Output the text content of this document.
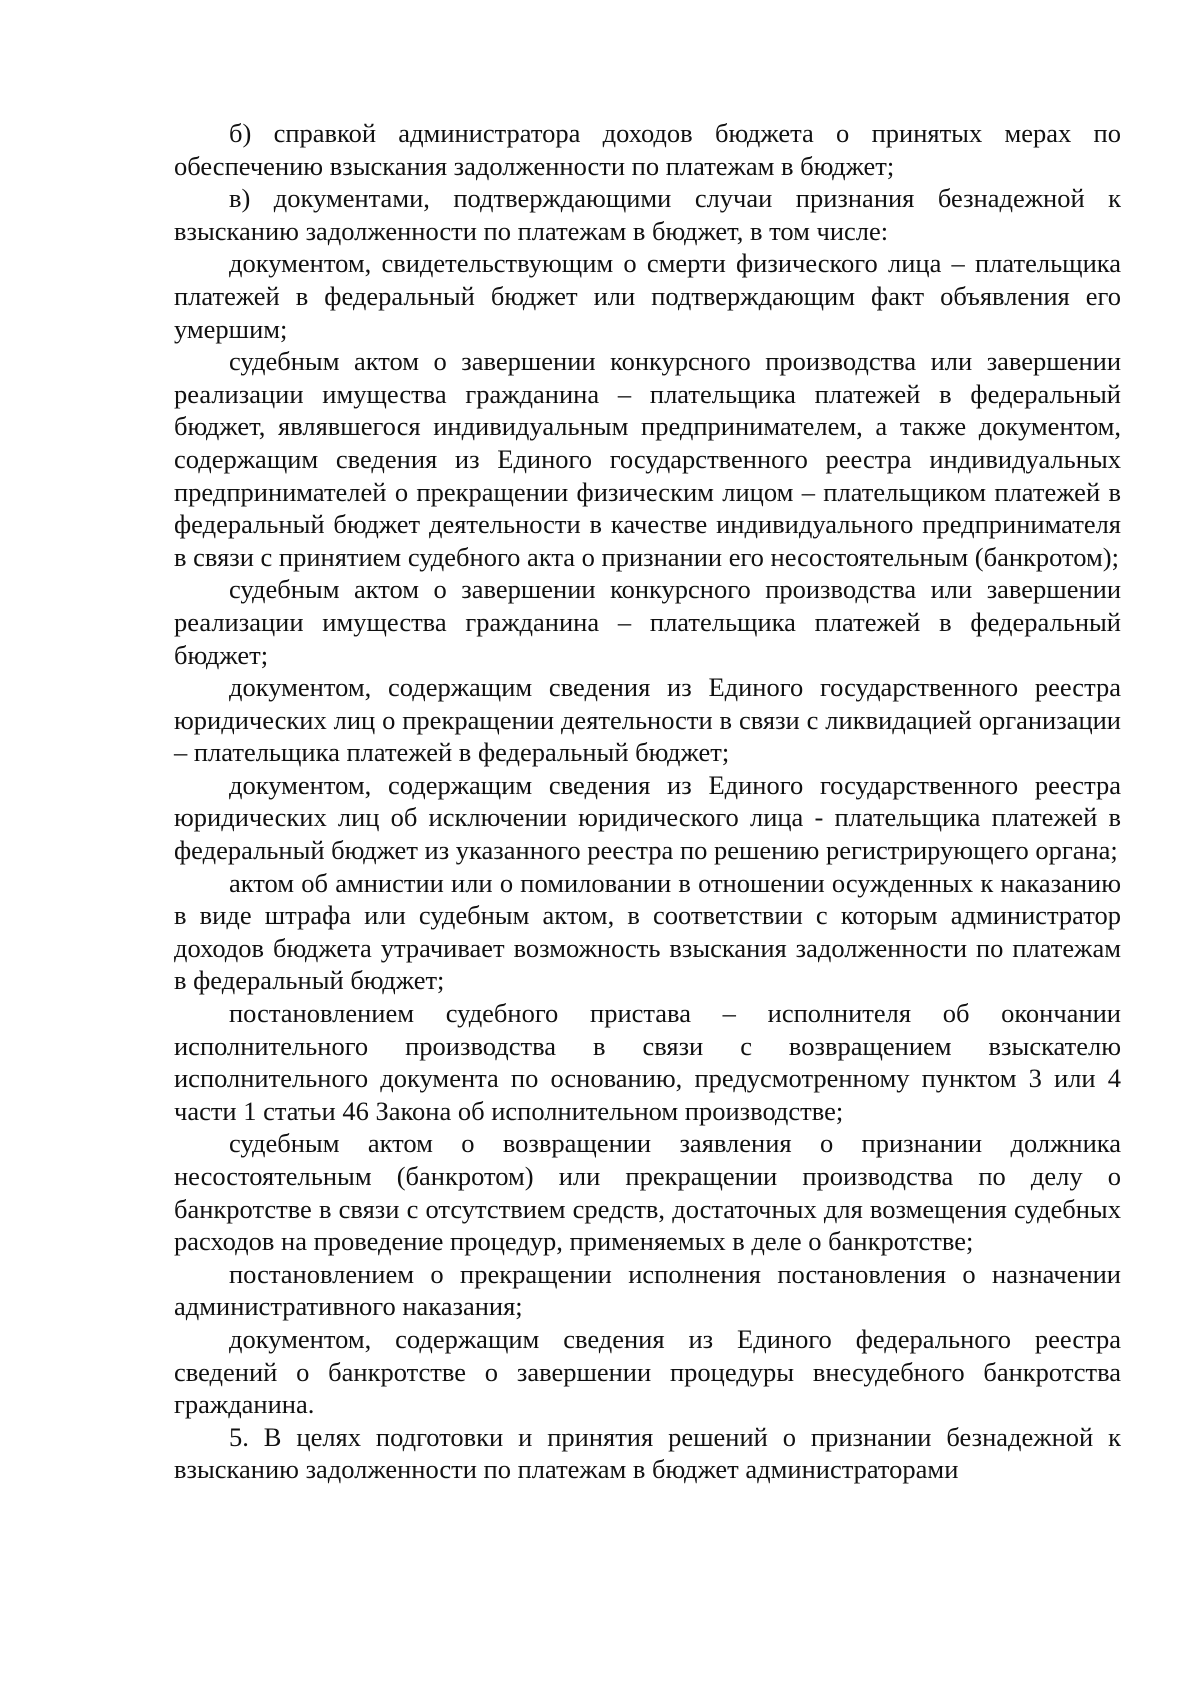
б) справкой администратора доходов бюджета о принятых мерах по обеспечению взыскания задолженности по платежам в бюджет;

в) документами, подтверждающими случаи признания безнадежной к взысканию задолженности по платежам в бюджет, в том числе:

документом, свидетельствующим о смерти физического лица – плательщика платежей в федеральный бюджет или подтверждающим факт объявления его умершим;

судебным актом о завершении конкурсного производства или завершении реализации имущества гражданина – плательщика платежей в федеральный бюджет, являвшегося индивидуальным предпринимателем, а также документом, содержащим сведения из Единого государственного реестра индивидуальных предпринимателей о прекращении физическим лицом – плательщиком платежей в федеральный бюджет деятельности в качестве индивидуального предпринимателя в связи с принятием судебного акта о признании его несостоятельным (банкротом);

судебным актом о завершении конкурсного производства или завершении реализации имущества гражданина – плательщика платежей в федеральный бюджет;

документом, содержащим сведения из Единого государственного реестра юридических лиц о прекращении деятельности в связи с ликвидацией организации – плательщика платежей в федеральный бюджет;

документом, содержащим сведения из Единого государственного реестра юридических лиц об исключении юридического лица - плательщика платежей в федеральный бюджет из указанного реестра по решению регистрирующего органа;

актом об амнистии или о помиловании в отношении осужденных к наказанию в виде штрафа или судебным актом, в соответствии с которым администратор доходов бюджета утрачивает возможность взыскания задолженности по платежам в федеральный бюджет;

постановлением судебного пристава – исполнителя об окончании исполнительного производства в связи с возвращением взыскателю исполнительного документа по основанию, предусмотренному пунктом 3 или 4 части 1 статьи 46 Закона об исполнительном производстве;

судебным актом о возвращении заявления о признании должника несостоятельным (банкротом) или прекращении производства по делу о банкротстве в связи с отсутствием средств, достаточных для возмещения судебных расходов на проведение процедур, применяемых в деле о банкротстве;

постановлением о прекращении исполнения постановления о назначении административного наказания;

документом, содержащим сведения из Единого федерального реестра сведений о банкротстве о завершении процедуры внесудебного банкротства гражданина.

5. В целях подготовки и принятия решений о признании безнадежной к взысканию задолженности по платежам в бюджет администраторами
